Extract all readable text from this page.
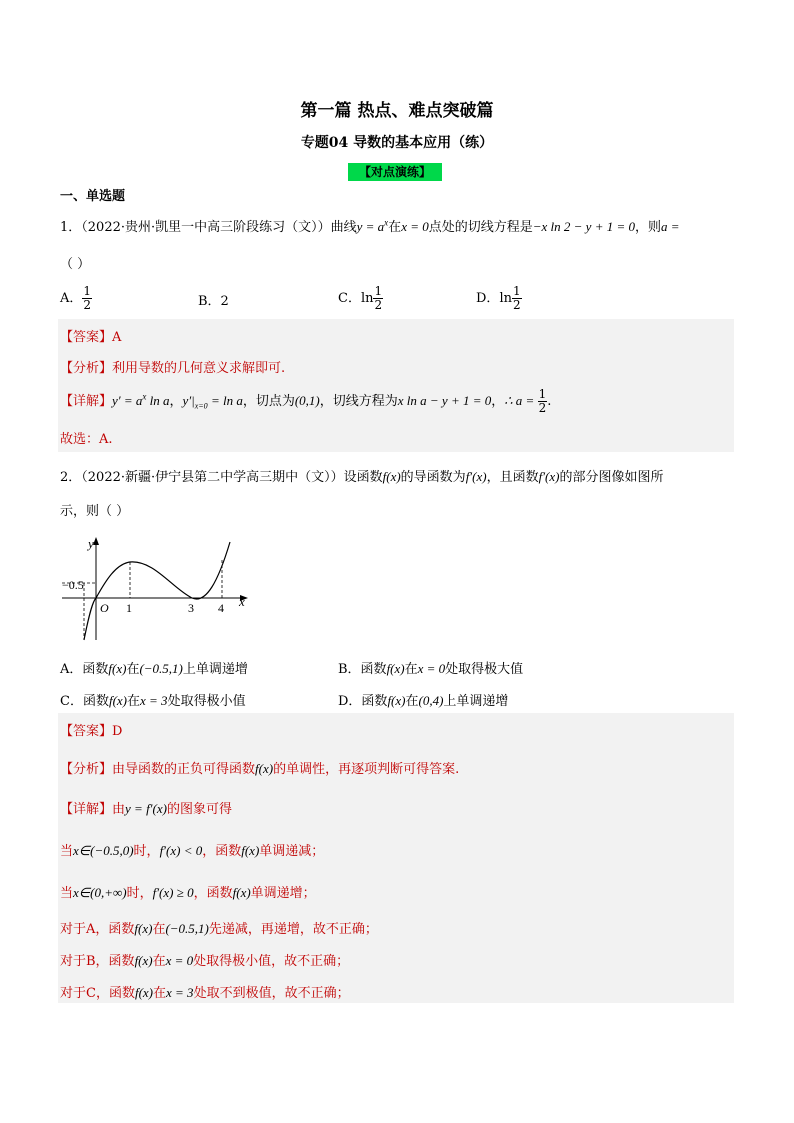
第一篇 热点、难点突破篇
专题04 导数的基本应用（练）
【对点演练】
一、单选题
1．（2022·贵州·凯里一中高三阶段练习（文））曲线$y = a^x$在x = 0点处的切线方程是−x ln 2 − y + 1 = 0，则a =
（ ）
A． $\frac{1}{2}$	B．2	C．$\ln \frac{1}{2}$	D．$\ln \frac{1}{2}$
【答案】A
【分析】利用导数的几何意义求解即可.
【详解】$y' = a^x$ ln a，$y'|_{x=0} = \ln a$，切点为(0,1)，切线方程为x ln a − y + 1 = 0，∴ $a = \frac{1}{2}$ .
故选：A.
2．（2022·新疆·伊宁县第二中学高三期中（文））设函数f(x)的导函数为f′(x)，且函数f′(x)的部分图像如图所
示，则（ ）
y
x
O
−0.5
1	3 4
A．函数f(x)在(−0.5,1)上单调递增	B．函数f(x)在x = 0处取得极大值
C．函数f(x)在x = 3处取得极小值	D．函数f(x)在(0,4)上单调递增
【答案】D
【分析】由导函数的正负可得函数f(x)的单调性，再逐项判断可得答案.
【详解】由y = f′(x)的图象可得
当x∈(−0.5,0)时，f′(x) < 0，函数f(x)单调递减；
当x∈(0,+∞)时，f′(x) ≥ 0，函数f(x)单调递增；
对于A，函数f(x)在(−0.5,1)先递减，再递增，故不正确；
对于B，函数f(x)在x = 0处取得极小值，故不正确；
对于C，函数f(x)在x = 3处取不到极值，故不正确；
